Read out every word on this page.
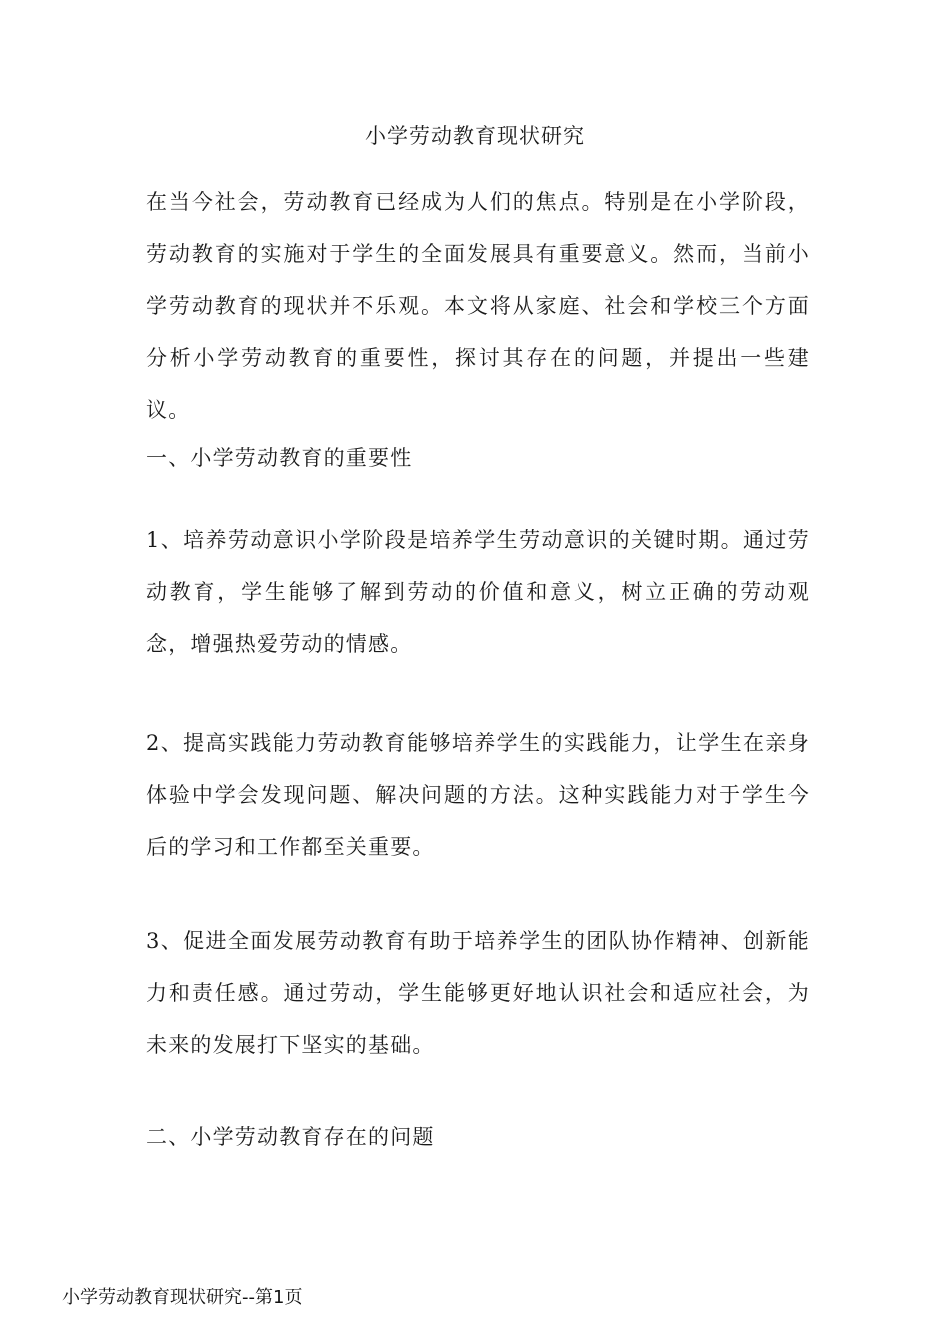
小学劳动教育现状研究

在当今社会，劳动教育已经成为人们的焦点。特别是在小学阶段，劳动教育的实施对于学生的全面发展具有重要意义。然而，当前小学劳动教育的现状并不乐观。本文将从家庭、社会和学校三个方面分析小学劳动教育的重要性，探讨其存在的问题，并提出一些建议。

一、小学劳动教育的重要性

1、培养劳动意识小学阶段是培养学生劳动意识的关键时期。通过劳动教育，学生能够了解到劳动的价值和意义，树立正确的劳动观念，增强热爱劳动的情感。

2、提高实践能力劳动教育能够培养学生的实践能力，让学生在亲身体验中学会发现问题、解决问题的方法。这种实践能力对于学生今后的学习和工作都至关重要。

3、促进全面发展劳动教育有助于培养学生的团队协作精神、创新能力和责任感。通过劳动，学生能够更好地认识社会和适应社会，为未来的发展打下坚实的基础。

二、小学劳动教育存在的问题

小学劳动教育现状研究--第1页
